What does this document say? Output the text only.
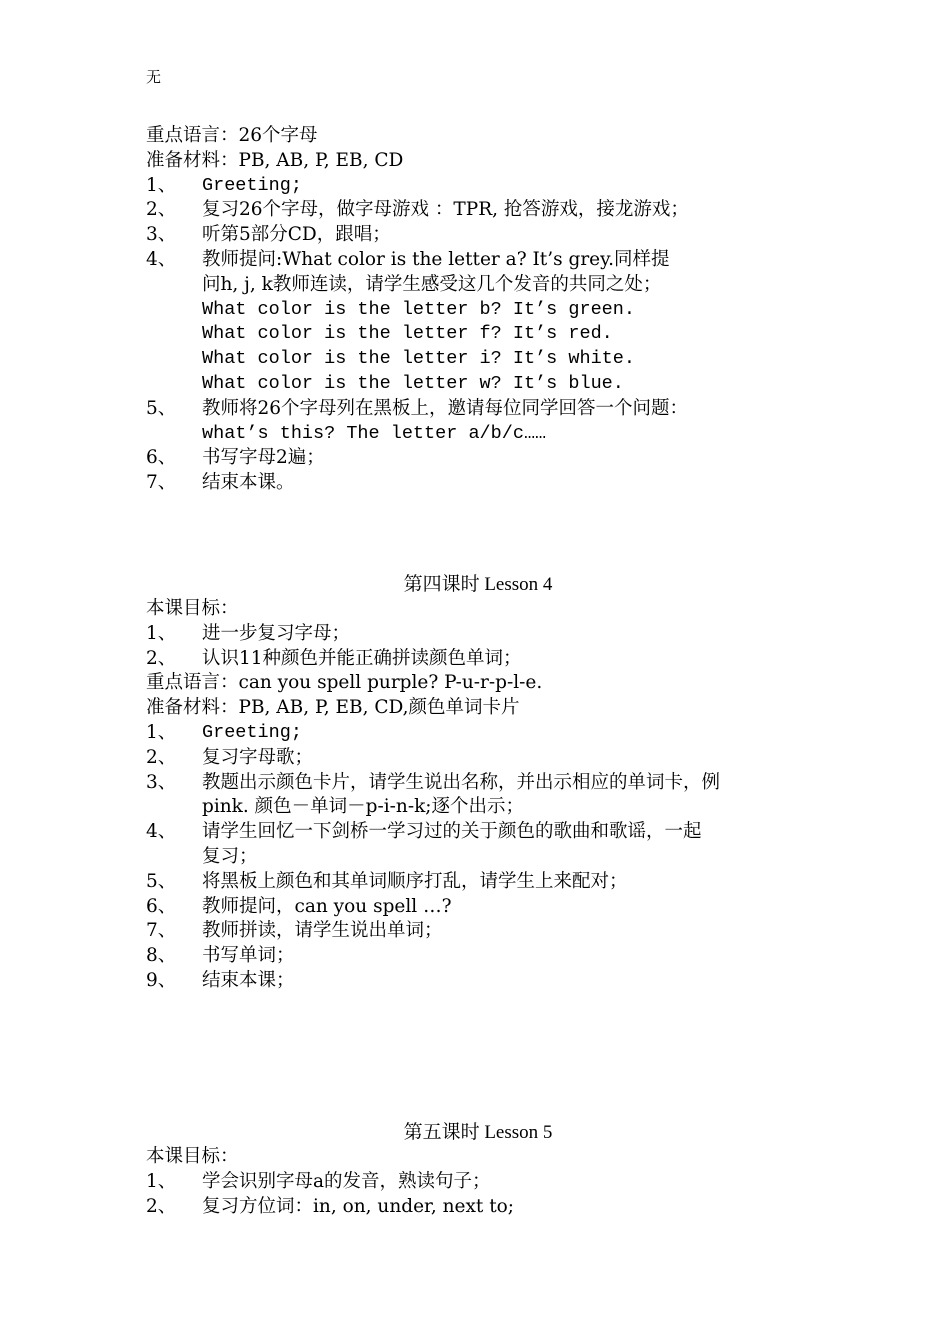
无
重点语言：26个字母
准备材料：PB, AB, P, EB, CD
1、	Greeting;
2、	复习26个字母，做字母游戏 ：TPR, 抢答游戏，接龙游戏；
3、	听第5部分CD，跟唱；
4、	教师提问:What color is the letter a? It’s grey.同样提
问h, j, k教师连读，请学生感受这几个发音的共同之处；
What color is the letter b? It’s green.
What color is the letter f? It’s red.
What color is the letter i? It’s white.
What color is the letter w? It’s blue.
5、	教师将26个字母列在黑板上，邀请每位同学回答一个问题：
what’s this? The letter a/b/c……
6、	书写字母2遍；
7、	结束本课。
第四课时 Lesson 4
本课目标：
1、	进一步复习字母；
2、	认识11种颜色并能正确拼读颜色单词；
重点语言：can you spell purple? P-u-r-p-l-e.
准备材料：PB, AB, P, EB, CD,颜色单词卡片
1、	Greeting;
2、	复习字母歌；
3、	教题出示颜色卡片，请学生说出名称，并出示相应的单词卡，例
pink. 颜色－单词－p-i-n-k;逐个出示；
4、	请学生回忆一下剑桥一学习过的关于颜色的歌曲和歌谣，一起
复习；
5、	将黑板上颜色和其单词顺序打乱，请学生上来配对；
6、	教师提问，can you spell …?
7、	教师拼读，请学生说出单词；
8、	书写单词；
9、	结束本课；
第五课时 Lesson 5
本课目标：
1、	学会识别字母a的发音，熟读句子；
2、	复习方位词：in, on, under, next to;
